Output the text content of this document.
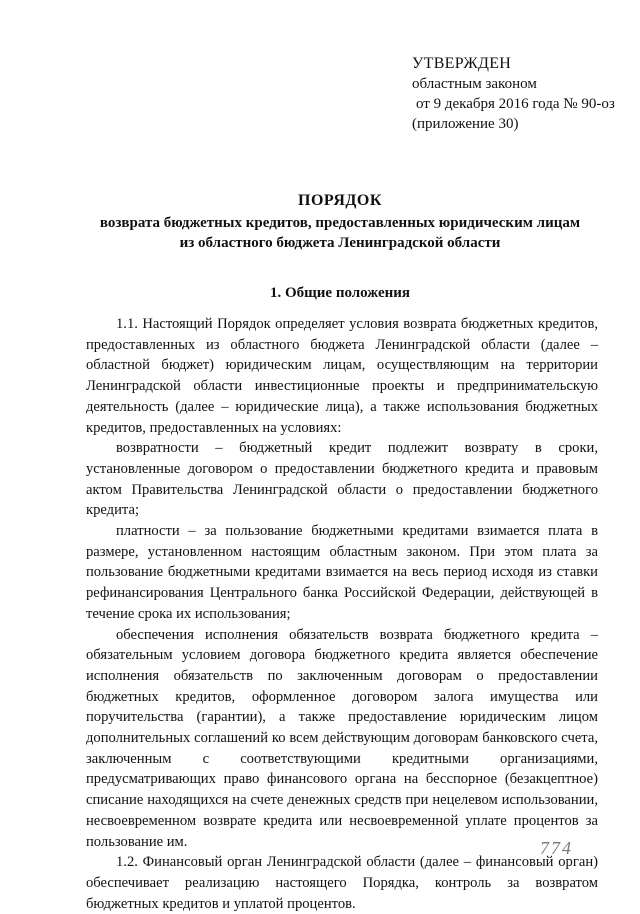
УТВЕРЖДЕН
областным законом
от 9 декабря 2016 года № 90-оз
(приложение 30)
ПОРЯДОК
возврата бюджетных кредитов, предоставленных юридическим лицам
из областного бюджета Ленинградской области
1. Общие положения

1.1. Настоящий Порядок определяет условия возврата бюджетных кредитов, предоставленных из областного бюджета Ленинградской области (далее – областной бюджет) юридическим лицам, осуществляющим на территории Ленинградской области инвестиционные проекты и предпринимательскую деятельность (далее – юридические лица), а также использования бюджетных кредитов, предоставленных на условиях:

возвратности – бюджетный кредит подлежит возврату в сроки, установленные договором о предоставлении бюджетного кредита и правовым актом Правительства Ленинградской области о предоставлении бюджетного кредита;

платности – за пользование бюджетными кредитами взимается плата в размере, установленном настоящим областным законом. При этом плата за пользование бюджетными кредитами взимается на весь период исходя из ставки рефинансирования Центрального банка Российской Федерации, действующей в течение срока их использования;

обеспечения исполнения обязательств возврата бюджетного кредита – обязательным условием договора бюджетного кредита является обеспечение исполнения обязательств по заключенным договорам о предоставлении бюджетных кредитов, оформленное договором залога имущества или поручительства (гарантии), а также предоставление юридическим лицом дополнительных соглашений ко всем действующим договорам банковского счета, заключенным с соответствующими кредитными организациями, предусматривающих право финансового органа на бесспорное (безакцептное) списание находящихся на счете денежных средств при нецелевом использовании, несвоевременном возврате кредита или несвоевременной уплате процентов за пользование им.

1.2. Финансовый орган Ленинградской области (далее – финансовый орган) обеспечивает реализацию настоящего Порядка, контроль за возвратом бюджетных кредитов и уплатой процентов.

774
